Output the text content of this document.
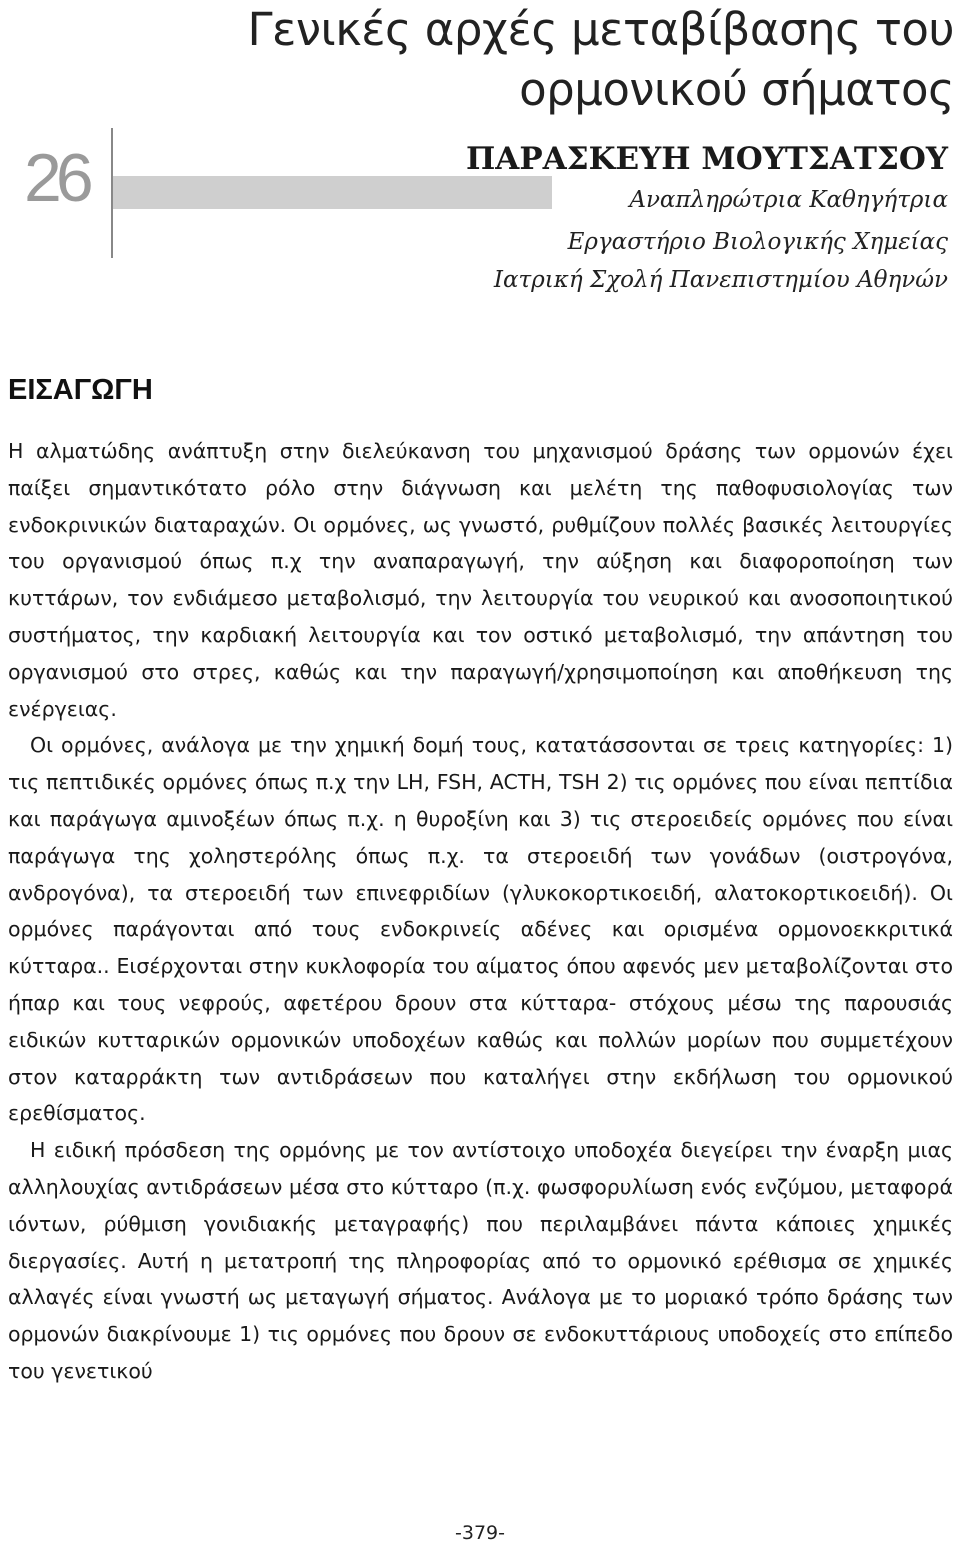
Γενικές αρχές μεταβίβασης του
ορμονικού σήματος
26	ΠΑΡΑΣΚΕΥΗ ΜΟΥΤΣΑΤΣΟΥ
Αναπληρώτρια Καθηγήτρια
Εργαστήριο Βιολογικής Χημείας
Ιατρική Σχολή Πανεπιστημίου Αθηνών
ΕΙΣΑΓΩΓΗ

Η αλματώδης ανάπτυξη στην διελεύκανση του μηχανισμού δράσης των ορμονών έχει παίξει σημαντικότατο ρόλο στην διάγνωση και μελέτη της παθοφυσιολογίας των ενδοκρινικών διαταραχών. Οι ορμόνες, ως γνωστό, ρυθμίζουν πολλές βασικές λειτουργίες του οργανισμού όπως π.χ την αναπαραγωγή, την αύξηση και διαφοροποίηση των κυττάρων, τον ενδιάμεσο μεταβολισμό, την λειτουργία του νευρικού και ανοσοποιητικού συστήματος, την καρδιακή λειτουργία και τον οστικό μεταβολισμό, την απάντηση του οργανισμού στο στρες, καθώς και την παραγωγή/χρησιμοποίηση και αποθήκευση της ενέργειας.

Οι ορμόνες, ανάλογα με την χημική δομή τους, κατατάσσονται σε τρεις κατηγορίες: 1) τις πεπτιδικές ορμόνες όπως π.χ την LH, FSH, ACTH, TSH 2) τις ορμόνες που είναι πεπτίδια και παράγωγα αμινοξέων όπως π.χ. η θυροξίνη και 3) τις στεροειδείς ορμόνες που είναι παράγωγα της χοληστερόλης όπως π.χ. τα στεροειδή των γονάδων (οιστρογόνα, ανδρογόνα), τα στεροειδή των επινεφριδίων (γλυκοκορτικοειδή, αλατοκορτικοειδή). Οι ορμόνες παράγονται από τους ενδοκρινείς αδένες και ορισμένα ορμονοεκκριτικά κύτταρα.. Εισέρχονται στην κυκλοφορία του αίματος όπου αφενός μεν μεταβολίζονται στο ήπαρ και τους νεφρούς, αφετέρου δρουν στα κύτταρα- στόχους μέσω της παρουσιάς ειδικών κυτταρικών ορμονικών υποδοχέων καθώς και πολλών μορίων που συμμετέχουν στον καταρράκτη των αντιδράσεων που καταλήγει στην εκδήλωση του ορμονικού ερεθίσματος.

Η ειδική πρόσδεση της ορμόνης με τον αντίστοιχο υποδοχέα διεγείρει την έναρξη μιας αλληλουχίας αντιδράσεων μέσα στο κύτταρο (π.χ. φωσφορυλίωση ενός ενζύμου, μεταφορά ιόντων, ρύθμιση γονιδιακής μεταγραφής) που περιλαμβάνει πάντα κάποιες χημικές διεργασίες. Αυτή η μετατροπή της πληροφορίας από το ορμονικό ερέθισμα σε χημικές αλλαγές είναι γνωστή ως μεταγωγή σήματος. Ανάλογα με το μοριακό τρόπο δράσης των ορμονών διακρίνουμε 1) τις ορμόνες που δρουν σε ενδοκυττάριους υποδοχείς στο επίπεδο του γενετικού

-379-
